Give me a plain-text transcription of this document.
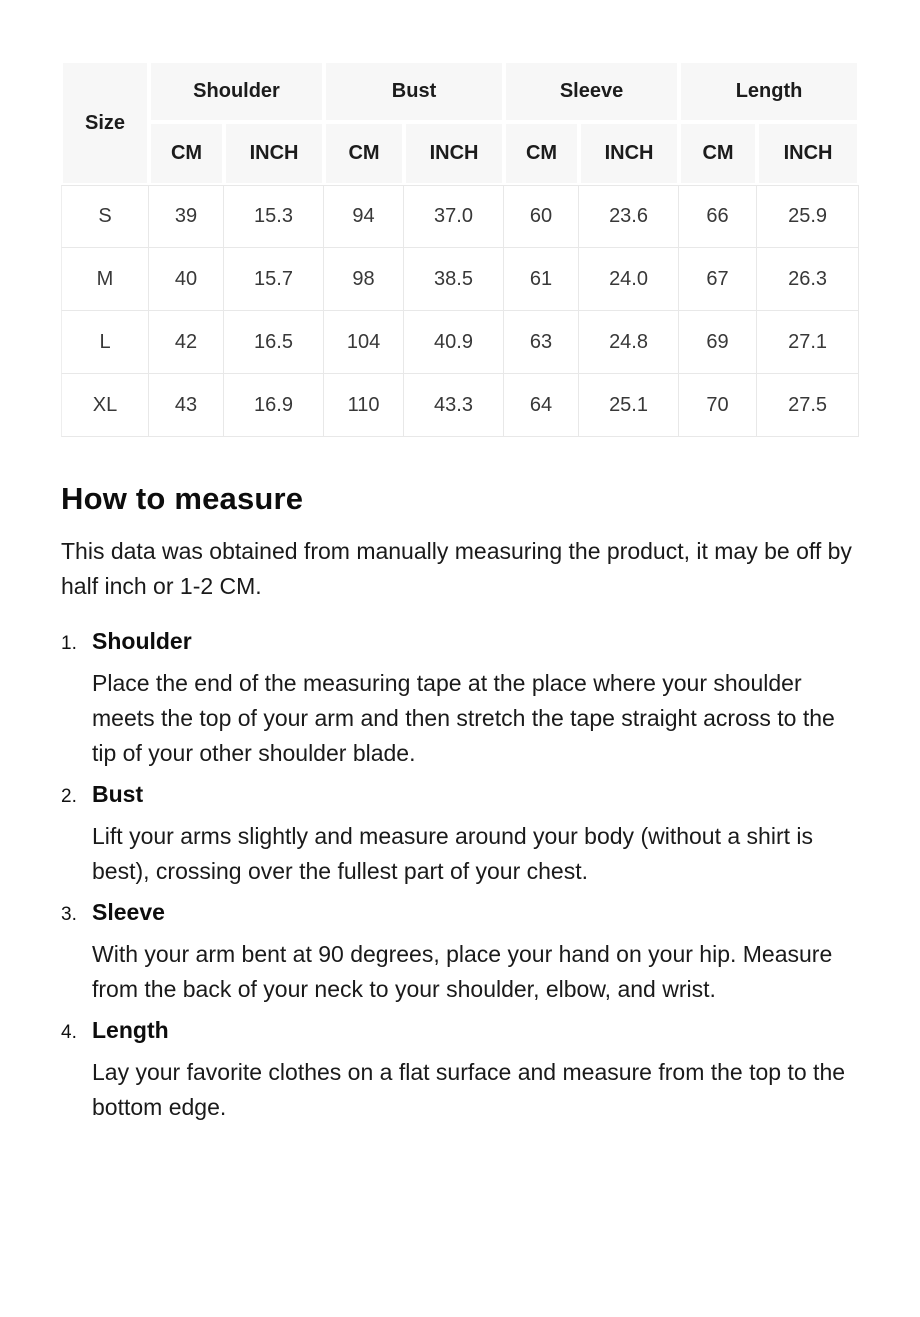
Size	Shoulder		Bust		Sleeve		Length	
	CM	INCH	CM	INCH	CM	INCH	CM	INCH
S	39	15.3	94	37.0	60	23.6	66	25.9
M	40	15.7	98	38.5	61	24.0	67	26.3
L	42	16.5	104	40.9	63	24.8	69	27.1
XL	43	16.9	110	43.3	64	25.1	70	27.5
How to measure

This data was obtained from manually measuring the product, it may be off by half inch or 1-2 CM.

1. Shoulder

Place the end of the measuring tape at the place where your shoulder meets the top of your arm and then stretch the tape straight across to the tip of your other shoulder blade.

2. Bust

Lift your arms slightly and measure around your body (without a shirt is best), crossing over the fullest part of your chest.

3. Sleeve

With your arm bent at 90 degrees, place your hand on your hip. Measure from the back of your neck to your shoulder, elbow, and wrist.

4. Length

Lay your favorite clothes on a flat surface and measure from the top to the bottom edge.
